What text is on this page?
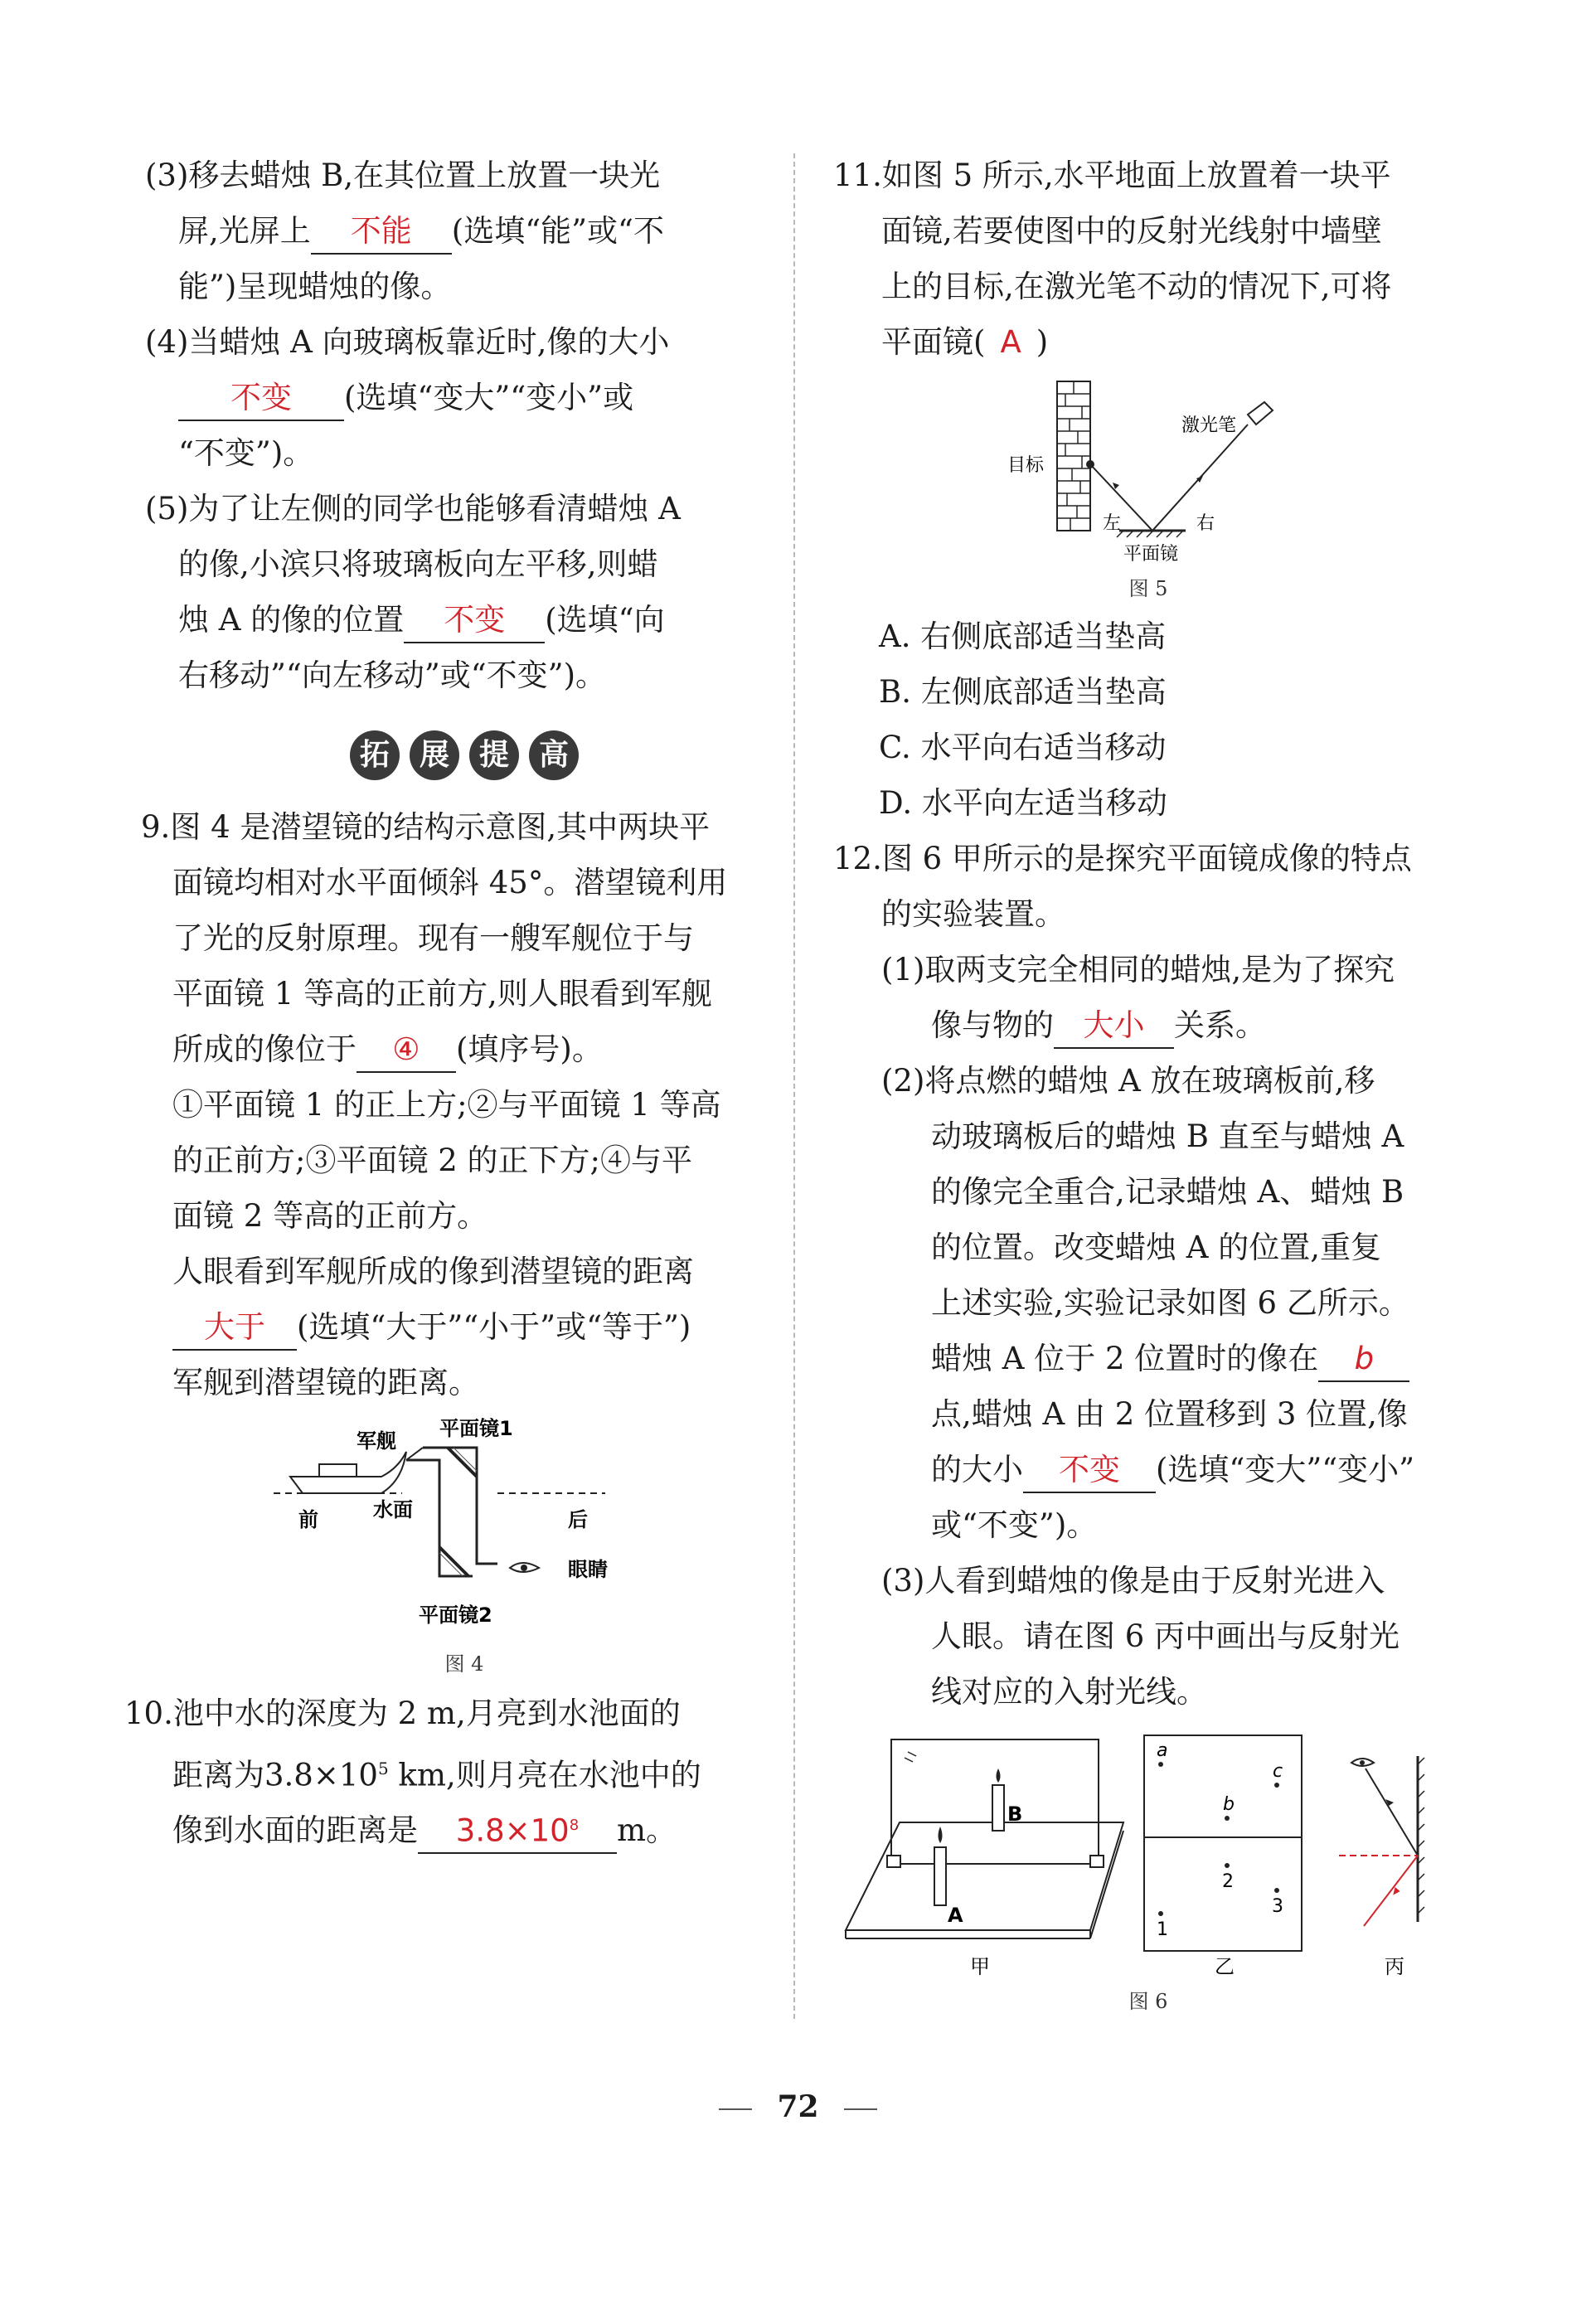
(3)移去蜡烛 B,在其位置上放置一块光

屏,光屏上 不能 (选填“能”或“不

能”)呈现蜡烛的像。

(4)当蜡烛 A 向玻璃板靠近时,像的大小

不变 (选填“变大”“变小”或

“不变”)。

(5)为了让左侧的同学也能够看清蜡烛 A

的像,小滨只将玻璃板向左平移,则蜡

烛 A 的像的位置 不变 (选填“向

右移动”“向左移动”或“不变”)。

拓 展 提 高

9.图 4 是潜望镜的结构示意图,其中两块平

面镜均相对水平面倾斜 45°。潜望镜利用

了光的反射原理。现有一艘军舰位于与

平面镜 1 等高的正前方,则人眼看到军舰

所成的像位于 ④ (填序号)。

①平面镜 1 的正上方;②与平面镜 1 等高

的正前方;③平面镜 2 的正下方;④与平

面镜 2 等高的正前方。

人眼看到军舰所成的像到潜望镜的距离

大于 (选填“大于”“小于”或“等于”)

军舰到潜望镜的距离。

军舰
平面镜1
前	水面	后
眼睛
平面镜2
图 4

10.池中水的深度为 2 m,月亮到水池面的

距离为$3.8\times 10^5$ km,则月亮在水池中的

像到水面的距离是 $3.8\times 10^8$ m。

11.如图 5 所示,水平地面上放置着一块平

面镜,若要使图中的反射光线射中墙壁

上的目标,在激光笔不动的情况下,可将

平面镜( A )

目标
激光笔
左	右
平面镜
图 5

A. 右侧底部适当垫高

B. 左侧底部适当垫高

C. 水平向右适当移动

D. 水平向左适当移动

12.图 6 甲所示的是探究平面镜成像的特点

的实验装置。

(1)取两支完全相同的蜡烛,是为了探究

像与物的 大小 关系。

(2)将点燃的蜡烛 A 放在玻璃板前,移

动玻璃板后的蜡烛 B 直至与蜡烛 A

的像完全重合,记录蜡烛 A、蜡烛 B

的位置。改变蜡烛 A 的位置,重复

上述实验,实验记录如图 6 乙所示。

蜡烛 A 位于 2 位置时的像在 b

点,蜡烛 A 由 2 位置移到 3 位置,像

的大小 不变 (选填“变大”“变小”

或“不变”)。

(3)人看到蜡烛的像是由于反射光进入

人眼。请在图 6 丙中画出与反射光

线对应的入射光线。

B
A
a
c
b
2
3
1
甲	乙	丙
图 6
72
